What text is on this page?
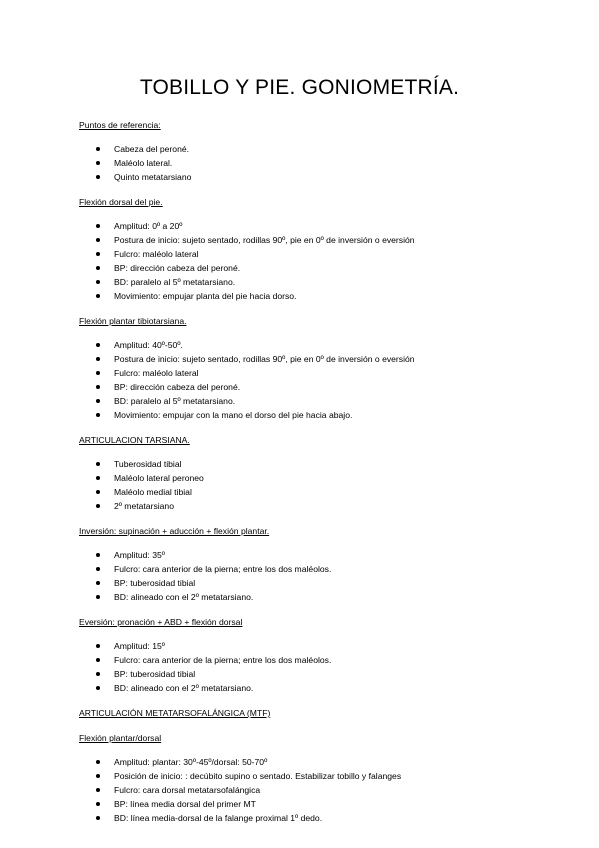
TOBILLO Y PIE. GONIOMETRÍA.

Puntos de referencia:

Cabeza del peroné.
Maléolo lateral.
Quinto metatarsiano

Flexión dorsal del pie.

Amplitud: 0º a 20º
Postura de inicio: sujeto sentado, rodillas 90º, pie en 0º de inversión o eversión
Fulcro: maléolo lateral
BP: dirección cabeza del peroné.
BD: paralelo al 5º metatarsiano.
Movimiento: empujar planta del pie hacia dorso.

Flexión plantar tibiotarsiana.

Amplitud: 40º-50º.
Postura de inicio: sujeto sentado, rodillas 90º, pie en 0º de inversión o eversión
Fulcro: maléolo lateral
BP: dirección cabeza del peroné.
BD: paralelo al 5º metatarsiano.
Movimiento: empujar con la mano el dorso del pie hacia abajo.

ARTICULACION TARSIANA.

Tuberosidad tibial
Maléolo lateral peroneo
Maléolo medial tibial
2º metatarsiano

Inversión: supinación + aducción + flexión plantar.

Amplitud: 35º
Fulcro: cara anterior de la pierna; entre los dos maléolos.
BP: tuberosidad tibial
BD: alineado con el 2º metatarsiano.

Eversión: pronación + ABD + flexión dorsal

Amplitud: 15º
Fulcro: cara anterior de la pierna; entre los dos maléolos.
BP: tuberosidad tibial
BD: alineado con el 2º metatarsiano.

ARTICULACIÓN METATARSOFALÁNGICA (MTF)

Flexión plantar/dorsal

Amplitud: plantar: 30º-45º/dorsal: 50-70º
Posición de inicio: : decúbito supino o sentado. Estabilizar tobillo y falanges
Fulcro: cara dorsal metatarsofalángica
BP: línea media dorsal del primer MT
BD: línea media-dorsal de la falange proximal 1º dedo.
